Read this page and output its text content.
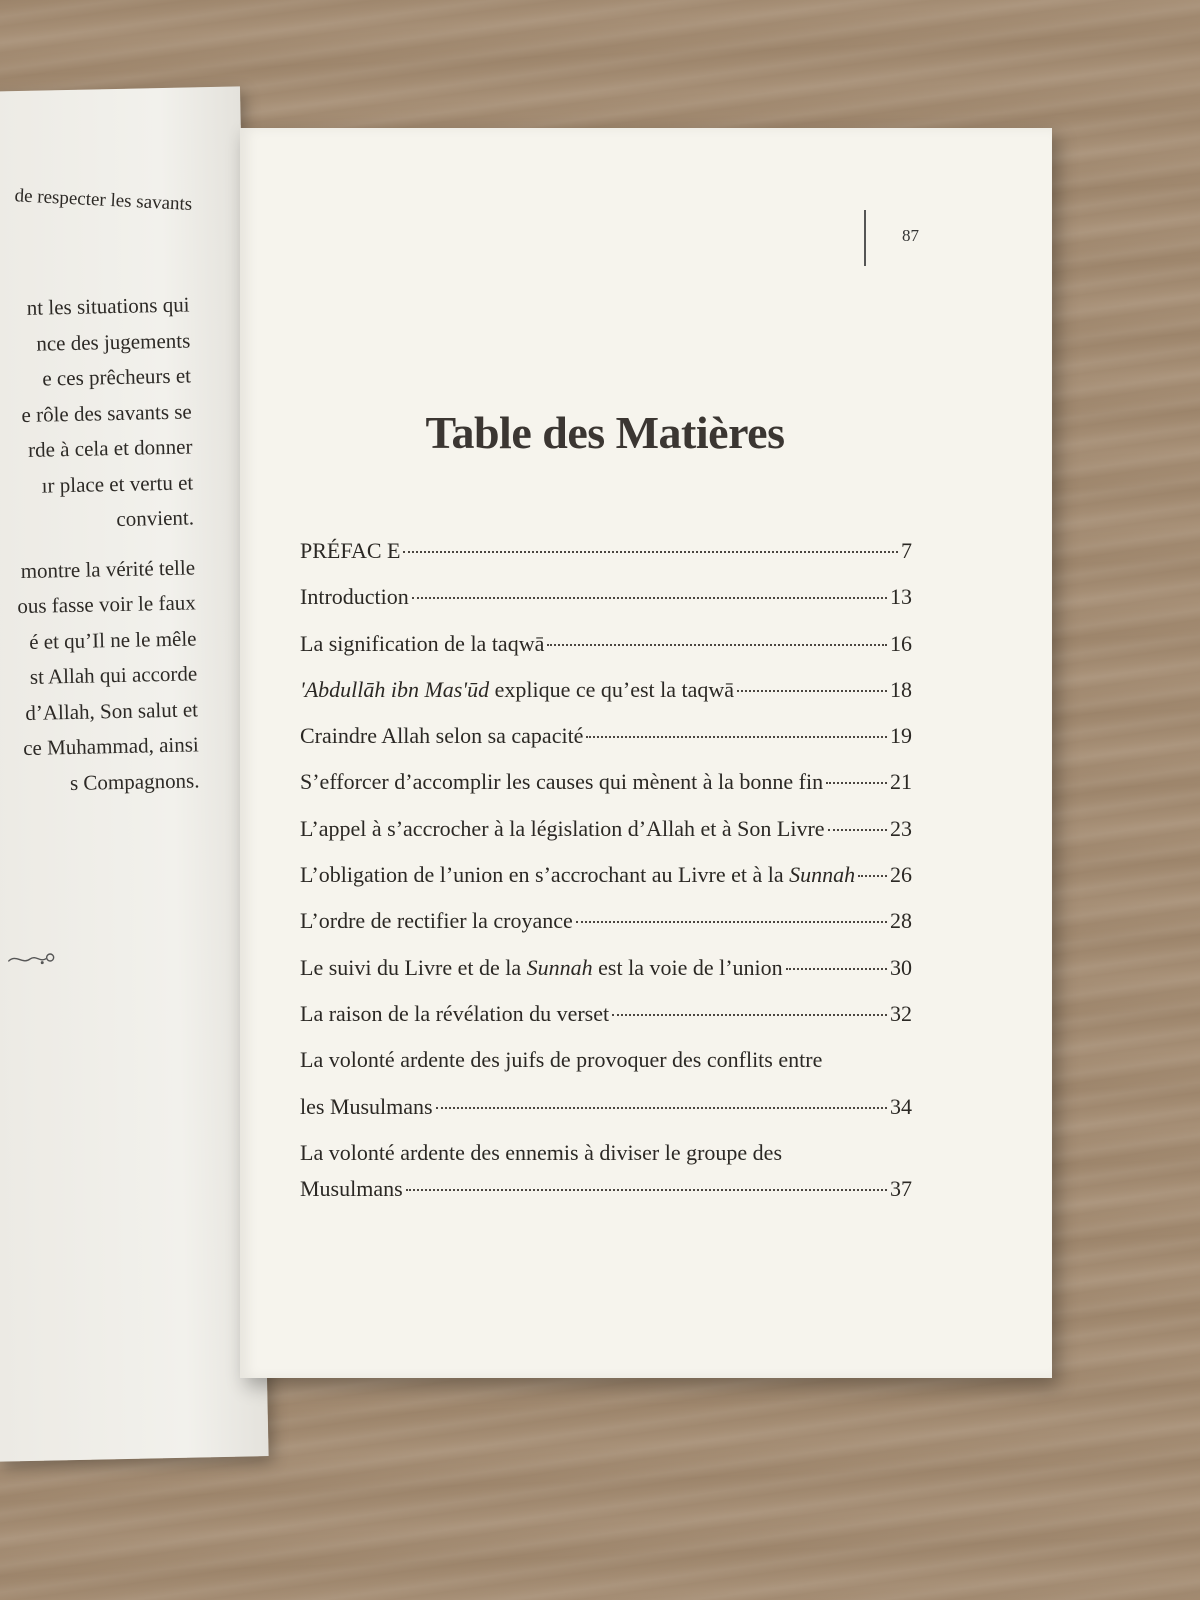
de respecter les savants
nt les situations qui
nce des jugements
e ces prêcheurs et
e rôle des savants se
rde à cela et donner
ır place et vertu et
convient.
montre la vérité telle
ous fasse voir le faux
é et qu’Il ne le mêle
st Allah qui accorde
d’Allah, Son salut et
ce Muhammad, ainsi
s Compagnons.
87
Table des Matières
PRÉFAC E	7
Introduction	13
La signification de la taqwā	16
'Abdullāh ibn Mas'ūd explique ce qu’est la taqwā	18
Craindre Allah selon sa capacité	19
S’efforcer d’accomplir les causes qui mènent à la bonne fin	21
L’appel à s’accrocher à la législation d’Allah et à Son Livre	23
L’obligation de l’union en s’accrochant au Livre et à la Sunnah 26
L’ordre de rectifier la croyance	28
Le suivi du Livre et de la Sunnah est la voie de l’union	30
La raison de la révélation du verset	32
La volonté ardente des juifs de provoquer des conflits entre
les Musulmans	34
La volonté ardente des ennemis à diviser le groupe des
Musulmans	37
